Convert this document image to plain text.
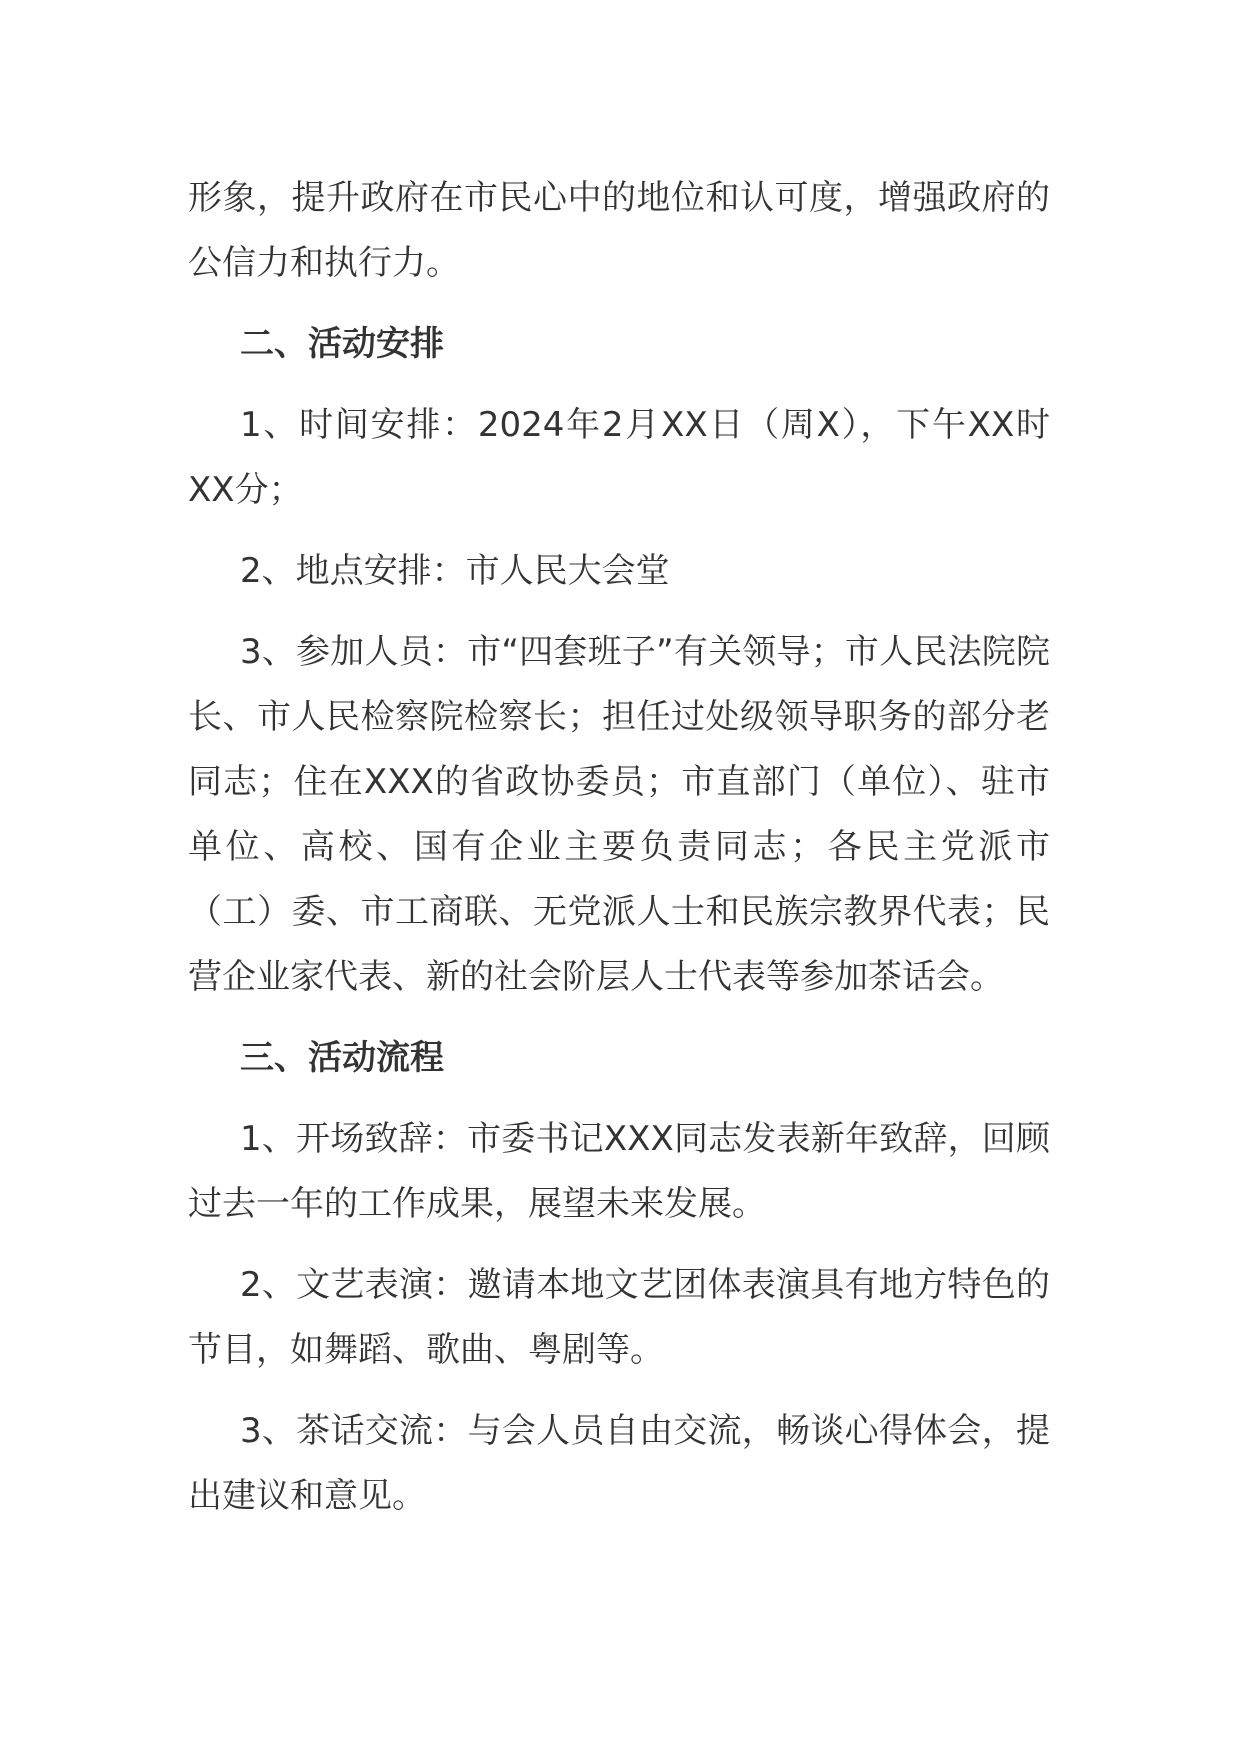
形象，提升政府在市民心中的地位和认可度，增强政府的公信力和执行力。

二、活动安排

1、时间安排：2024年2月XX日（周X），下午XX时XX分；

2、地点安排：市人民大会堂

3、参加人员：市“四套班子”有关领导；市人民法院院长、市人民检察院检察长；担任过处级领导职务的部分老同志；住在XXX的省政协委员；市直部门（单位）、驻市单位、高校、国有企业主要负责同志；各民主党派市（工）委、市工商联、无党派人士和民族宗教界代表；民营企业家代表、新的社会阶层人士代表等参加茶话会。

三、活动流程

1、开场致辞：市委书记XXX同志发表新年致辞，回顾过去一年的工作成果，展望未来发展。

2、文艺表演：邀请本地文艺团体表演具有地方特色的节目，如舞蹈、歌曲、粤剧等。

3、茶话交流：与会人员自由交流，畅谈心得体会，提出建议和意见。
